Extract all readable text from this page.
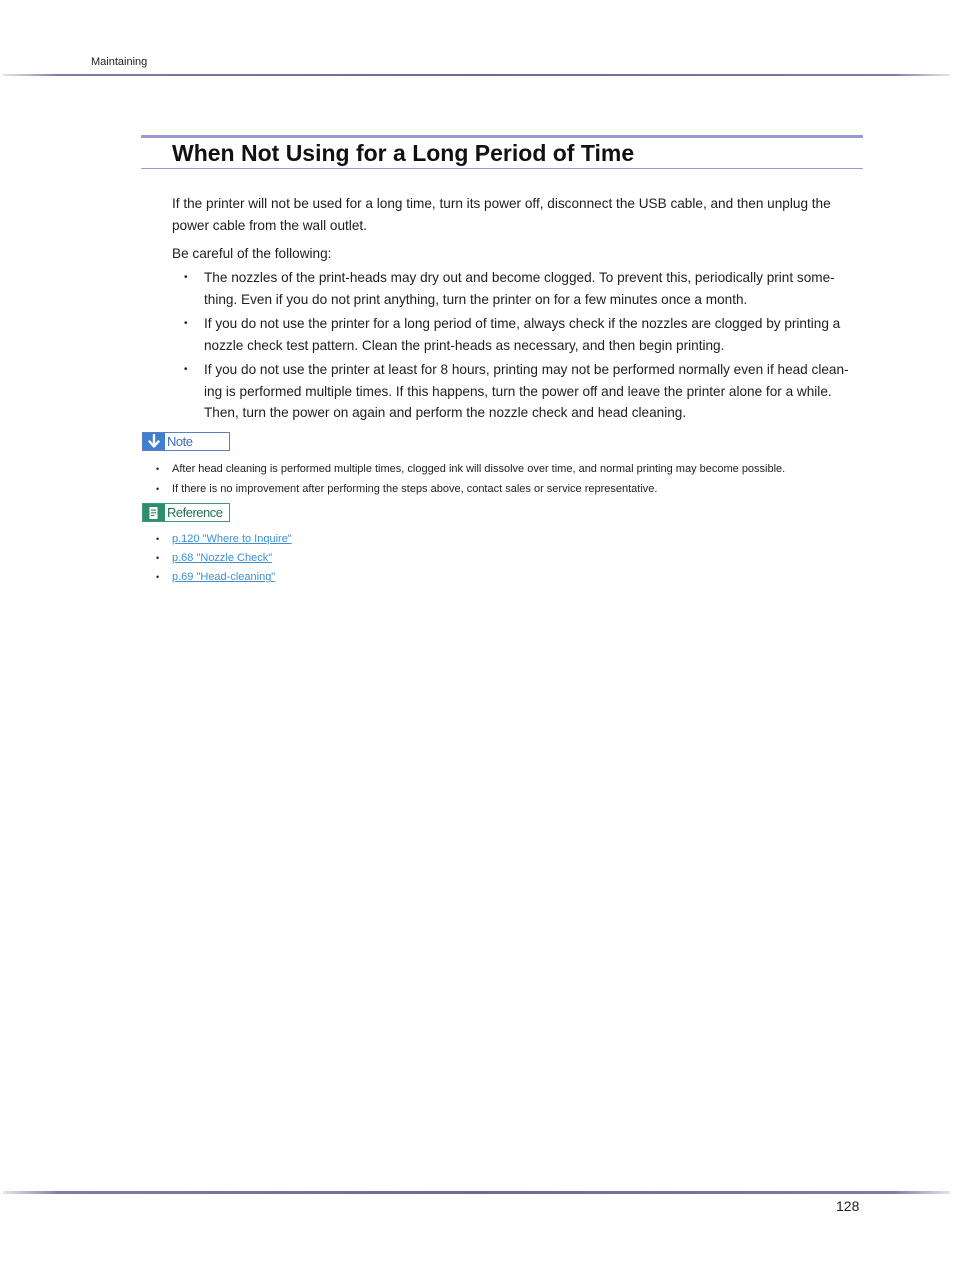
Maintaining
When Not Using for a Long Period of Time
If the printer will not be used for a long time, turn its power off, disconnect the USB cable, and then unplug the power cable from the wall outlet.
Be careful of the following:
• The nozzles of the print-heads may dry out and become clogged. To prevent this, periodically print some-thing. Even if you do not print anything, turn the printer on for a few minutes once a month.
• If you do not use the printer for a long period of time, always check if the nozzles are clogged by printing a nozzle check test pattern. Clean the print-heads as necessary, and then begin printing.
• If you do not use the printer at least for 8 hours, printing may not be performed normally even if head clean-ing is performed multiple times. If this happens, turn the power off and leave the printer alone for a while. Then, turn the power on again and perform the nozzle check and head cleaning.
Note
• After head cleaning is performed multiple times, clogged ink will dissolve over time, and normal printing may become possible.
• If there is no improvement after performing the steps above, contact sales or service representative.
Reference
• p.120 "Where to Inquire"
• p.68 "Nozzle Check"
• p.69 "Head-cleaning"
128
